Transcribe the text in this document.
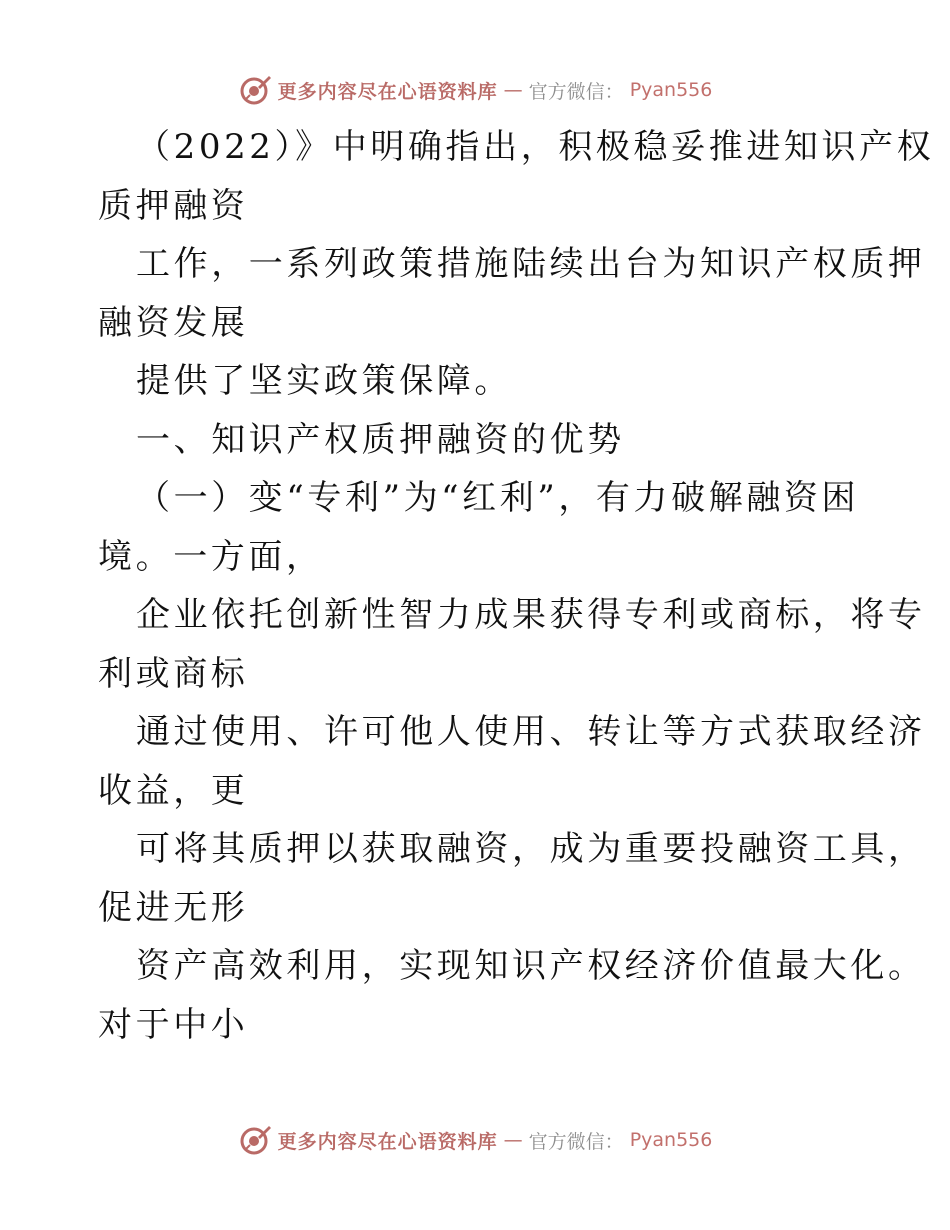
更多内容尽在心语资料库 — 官方微信： Pyan556
（2022）》中明确指出，积极稳妥推进知识产权
质押融资
工作，一系列政策措施陆续出台为知识产权质押
融资发展
提供了坚实政策保障。
一、知识产权质押融资的优势
（一）变“专利”为“红利”，有力破解融资困
境。一方面，
企业依托创新性智力成果获得专利或商标，将专
利或商标
通过使用、许可他人使用、转让等方式获取经济
收益，更
可将其质押以获取融资，成为重要投融资工具，
促进无形
资产高效利用，实现知识产权经济价值最大化。
对于中小
更多内容尽在心语资料库 — 官方微信： Pyan556
